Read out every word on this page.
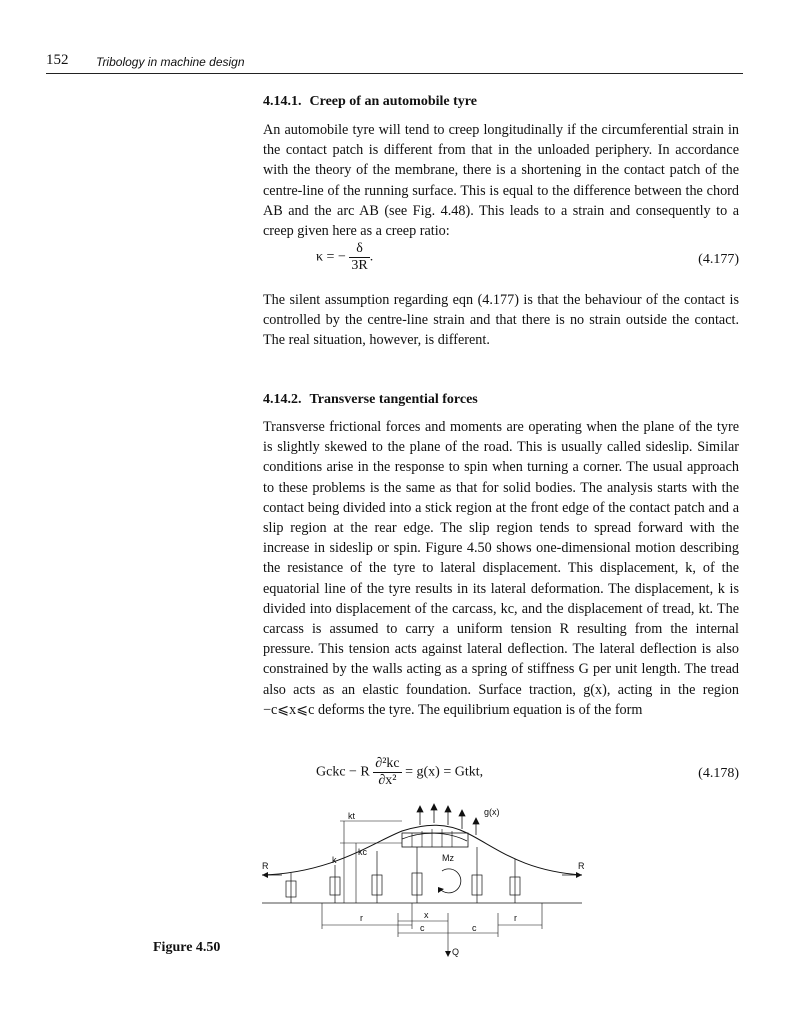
152 Tribology in machine design
4.14.1. Creep of an automobile tyre

An automobile tyre will tend to creep longitudinally if the circumferential strain in the contact patch is different from that in the unloaded periphery. In accordance with the theory of the membrane, there is a shortening in the contact patch of the centre-line of the running surface. This is equal to the difference between the chord AB and the arc AB (see Fig. 4.48). This leads to a strain and consequently to a creep given here as a creep ratio:

κ = − $\frac{\delta}{3R}$ .	(4.177)

The silent assumption regarding eqn (4.177) is that the behaviour of the contact is controlled by the centre-line strain and that there is no strain outside the contact. The real situation, however, is different.

4.14.2. Transverse tangential forces

Transverse frictional forces and moments are operating when the plane of the tyre is slightly skewed to the plane of the road. This is usually called sideslip. Similar conditions arise in the response to spin when turning a corner. The usual approach to these problems is the same as that for solid bodies. The analysis starts with the contact being divided into a stick region at the front edge of the contact patch and a slip region at the rear edge. The slip region tends to spread forward with the increase in sideslip or spin. Figure 4.50 shows one-dimensional motion describing the resistance of the tyre to lateral displacement. This displacement, k, of the equatorial line of the tyre results in its lateral deformation. The displacement, k is divided into displacement of the carcass, kc, and the displacement of tread, kt. The carcass is assumed to carry a uniform tension R resulting from the internal pressure. This tension acts against lateral deflection. The lateral deflection is also constrained by the walls acting as a spring of stiffness G per unit length. The tread also acts as an elastic foundation. Surface traction, g(x), acting in the region −c⩽x⩽c deforms the tyre. The equilibrium equation is of the form

Gckc − R $\frac{\text{∂²kc}}{\text{∂x²}} = g(x)$ = Gtkt,	(4.178)
g(x)
Mz
R	R
kt
k
kc
r	x
c	c
r
Q
Figure 4.50
